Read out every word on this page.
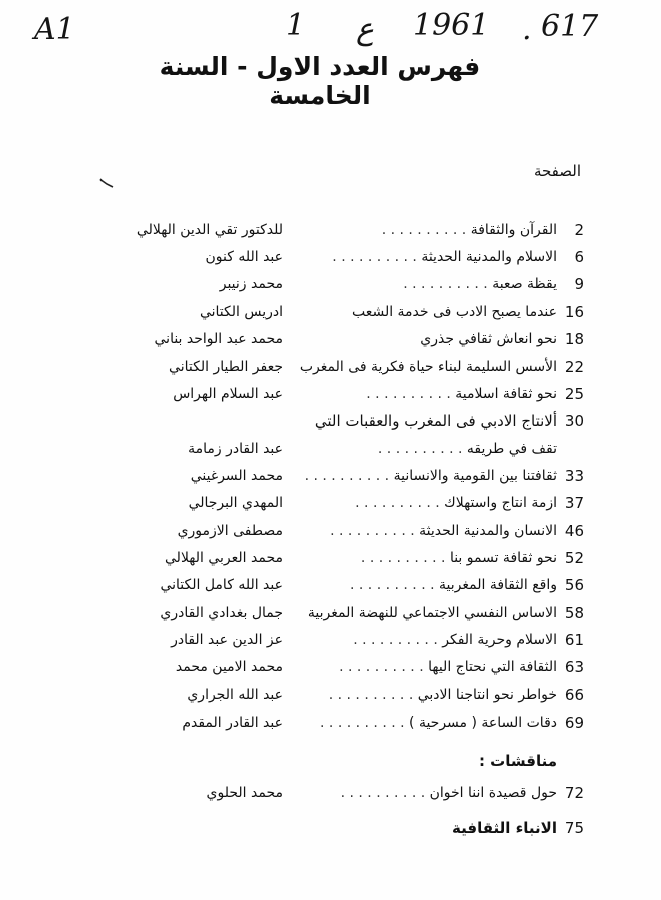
A1	1 ع 1961 . 617
فهرس العدد الاول - السنة الخامسة
الصفحة
2
القرآن والثقافة . . .
للدكتور تقي الدين الهلالي
6
الاسلام والمدنية الحديثة . . .
عبد الله كنون
9
يقظة صعبة . . .
محمد زنيبر
16
عندما يصبح الادب فى خدمة الشعب
ادريس الكتاني
18
نحو انعاش ثقافي جذري
محمد عبد الواحد بناني
22
الأسس السليمة لبناء حياة فكرية فى المغرب
جعفر الطيار الكتاني
25
نحو ثقافة اسلامية . . .
عبد السلام الهراس
30
ألانتاج الادبي فى المغرب والعقبات التي
تقف في طريقه . . .
عبد القادر زمامة
33
ثقافتنا بين القومية والانسانية . . .
محمد السرغيني
37
ازمة انتاج واستهلاك . . .
المهدي البرجالي
46
الانسان والمدنية الحديثة . . .
مصطفى الازموري
52
نحو ثقافة تسمو بنا . . .
محمد العربي الهلالي
56
واقع الثقافة المغربية . . .
عبد الله كامل الكتاني
58
الاساس النفسي الاجتماعي للنهضة المغربية
جمال بغدادي القادري
61
الاسلام وحرية الفكر . . .
عز الدين عبد القادر
63
الثقافة التي نحتاج اليها . . .
محمد الامين محمد
66
خواطر نحو انتاجنا الادبي . . .
عبد الله الجراري
69
دقات الساعة ( مسرحية ) . . .
عبد القادر المقدم
مناقشات :
72
حول قصيدة اننا اخوان . . .
محمد الحلوي
75
الانباء الثقافية
